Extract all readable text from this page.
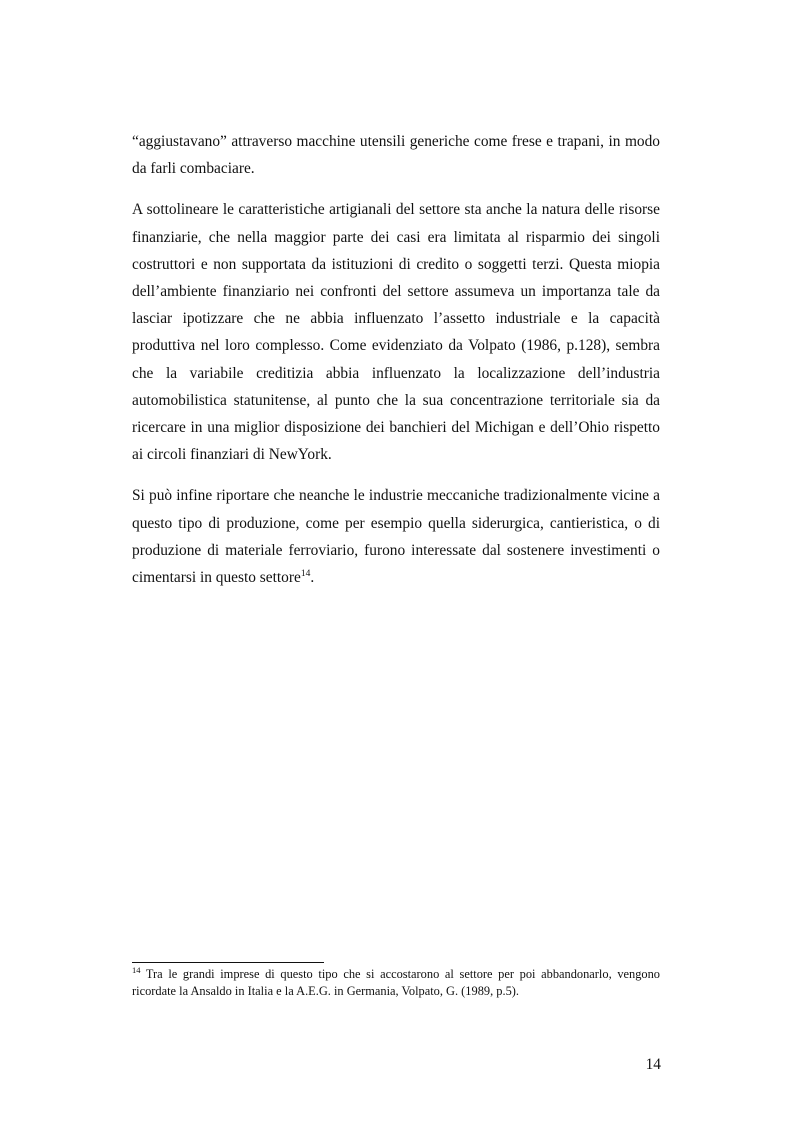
“aggiustavano” attraverso macchine utensili generiche come frese e trapani, in modo da farli combaciare.

A sottolineare le caratteristiche artigianali del settore sta anche la natura delle risorse finanziarie, che nella maggior parte dei casi era limitata al risparmio dei singoli costruttori e non supportata da istituzioni di credito o soggetti terzi. Questa miopia dell’ambiente finanziario nei confronti del settore assumeva un importanza tale da lasciar ipotizzare che ne abbia influenzato l’assetto industriale e la capacità produttiva nel loro complesso. Come evidenziato da Volpato (1986, p.128), sembra che la variabile creditizia abbia influenzato la localizzazione dell’industria automobilistica statunitense, al punto che la sua concentrazione territoriale sia da ricercare in una miglior disposizione dei banchieri del Michigan e dell’Ohio rispetto ai circoli finanziari di NewYork.

Si può infine riportare che neanche le industrie meccaniche tradizionalmente vicine a questo tipo di produzione, come per esempio quella siderurgica, cantieristica, o di produzione di materiale ferroviario, furono interessate dal sostenere investimenti o cimentarsi in questo settore$^{14}$.

$^{14}$ Tra le grandi imprese di questo tipo che si accostarono al settore per poi abbandonarlo, vengono ricordate la Ansaldo in Italia e la A.E.G. in Germania, Volpato, G. (1989, p.5).

14
